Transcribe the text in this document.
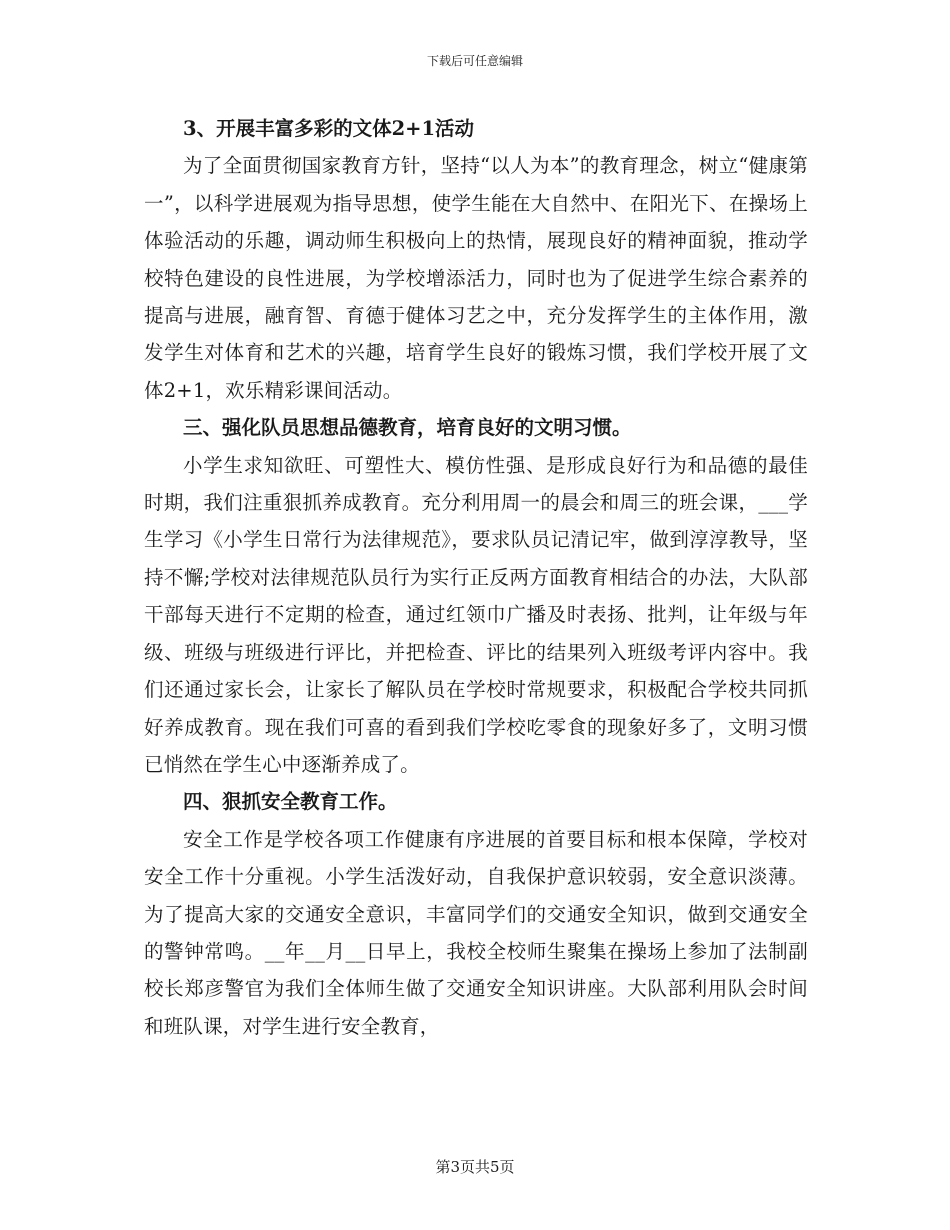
下载后可任意编辑

3、开展丰富多彩的文体2+1活动

为了全面贯彻国家教育方针，坚持“以人为本”的教育理念，树立“健康第一”，以科学进展观为指导思想，使学生能在大自然中、在阳光下、在操场上体验活动的乐趣，调动师生积极向上的热情，展现良好的精神面貌，推动学校特色建设的良性进展，为学校增添活力，同时也为了促进学生综合素养的提高与进展，融育智、育德于健体习艺之中，充分发挥学生的主体作用，激发学生对体育和艺术的兴趣，培育学生良好的锻炼习惯，我们学校开展了文体2+1，欢乐精彩课间活动。

三、强化队员思想品德教育，培育良好的文明习惯。

小学生求知欲旺、可塑性大、模仿性强、是形成良好行为和品德的最佳时期，我们注重狠抓养成教育。充分利用周一的晨会和周三的班会课，___学生学习《小学生日常行为法律规范》，要求队员记清记牢，做到淳淳教导，坚持不懈;学校对法律规范队员行为实行正反两方面教育相结合的办法，大队部干部每天进行不定期的检查，通过红领巾广播及时表扬、批判，让年级与年级、班级与班级进行评比，并把检查、评比的结果列入班级考评内容中。我们还通过家长会，让家长了解队员在学校时常规要求，积极配合学校共同抓好养成教育。现在我们可喜的看到我们学校吃零食的现象好多了，文明习惯已悄然在学生心中逐渐养成了。

四、狠抓安全教育工作。

安全工作是学校各项工作健康有序进展的首要目标和根本保障，学校对安全工作十分重视。小学生活泼好动，自我保护意识较弱，安全意识淡薄。为了提高大家的交通安全意识，丰富同学们的交通安全知识，做到交通安全的警钟常鸣。__年__月__日早上，我校全校师生聚集在操场上参加了法制副校长郑彦警官为我们全体师生做了交通安全知识讲座。大队部利用队会时间和班队课，对学生进行安全教育，

第3页共5页
